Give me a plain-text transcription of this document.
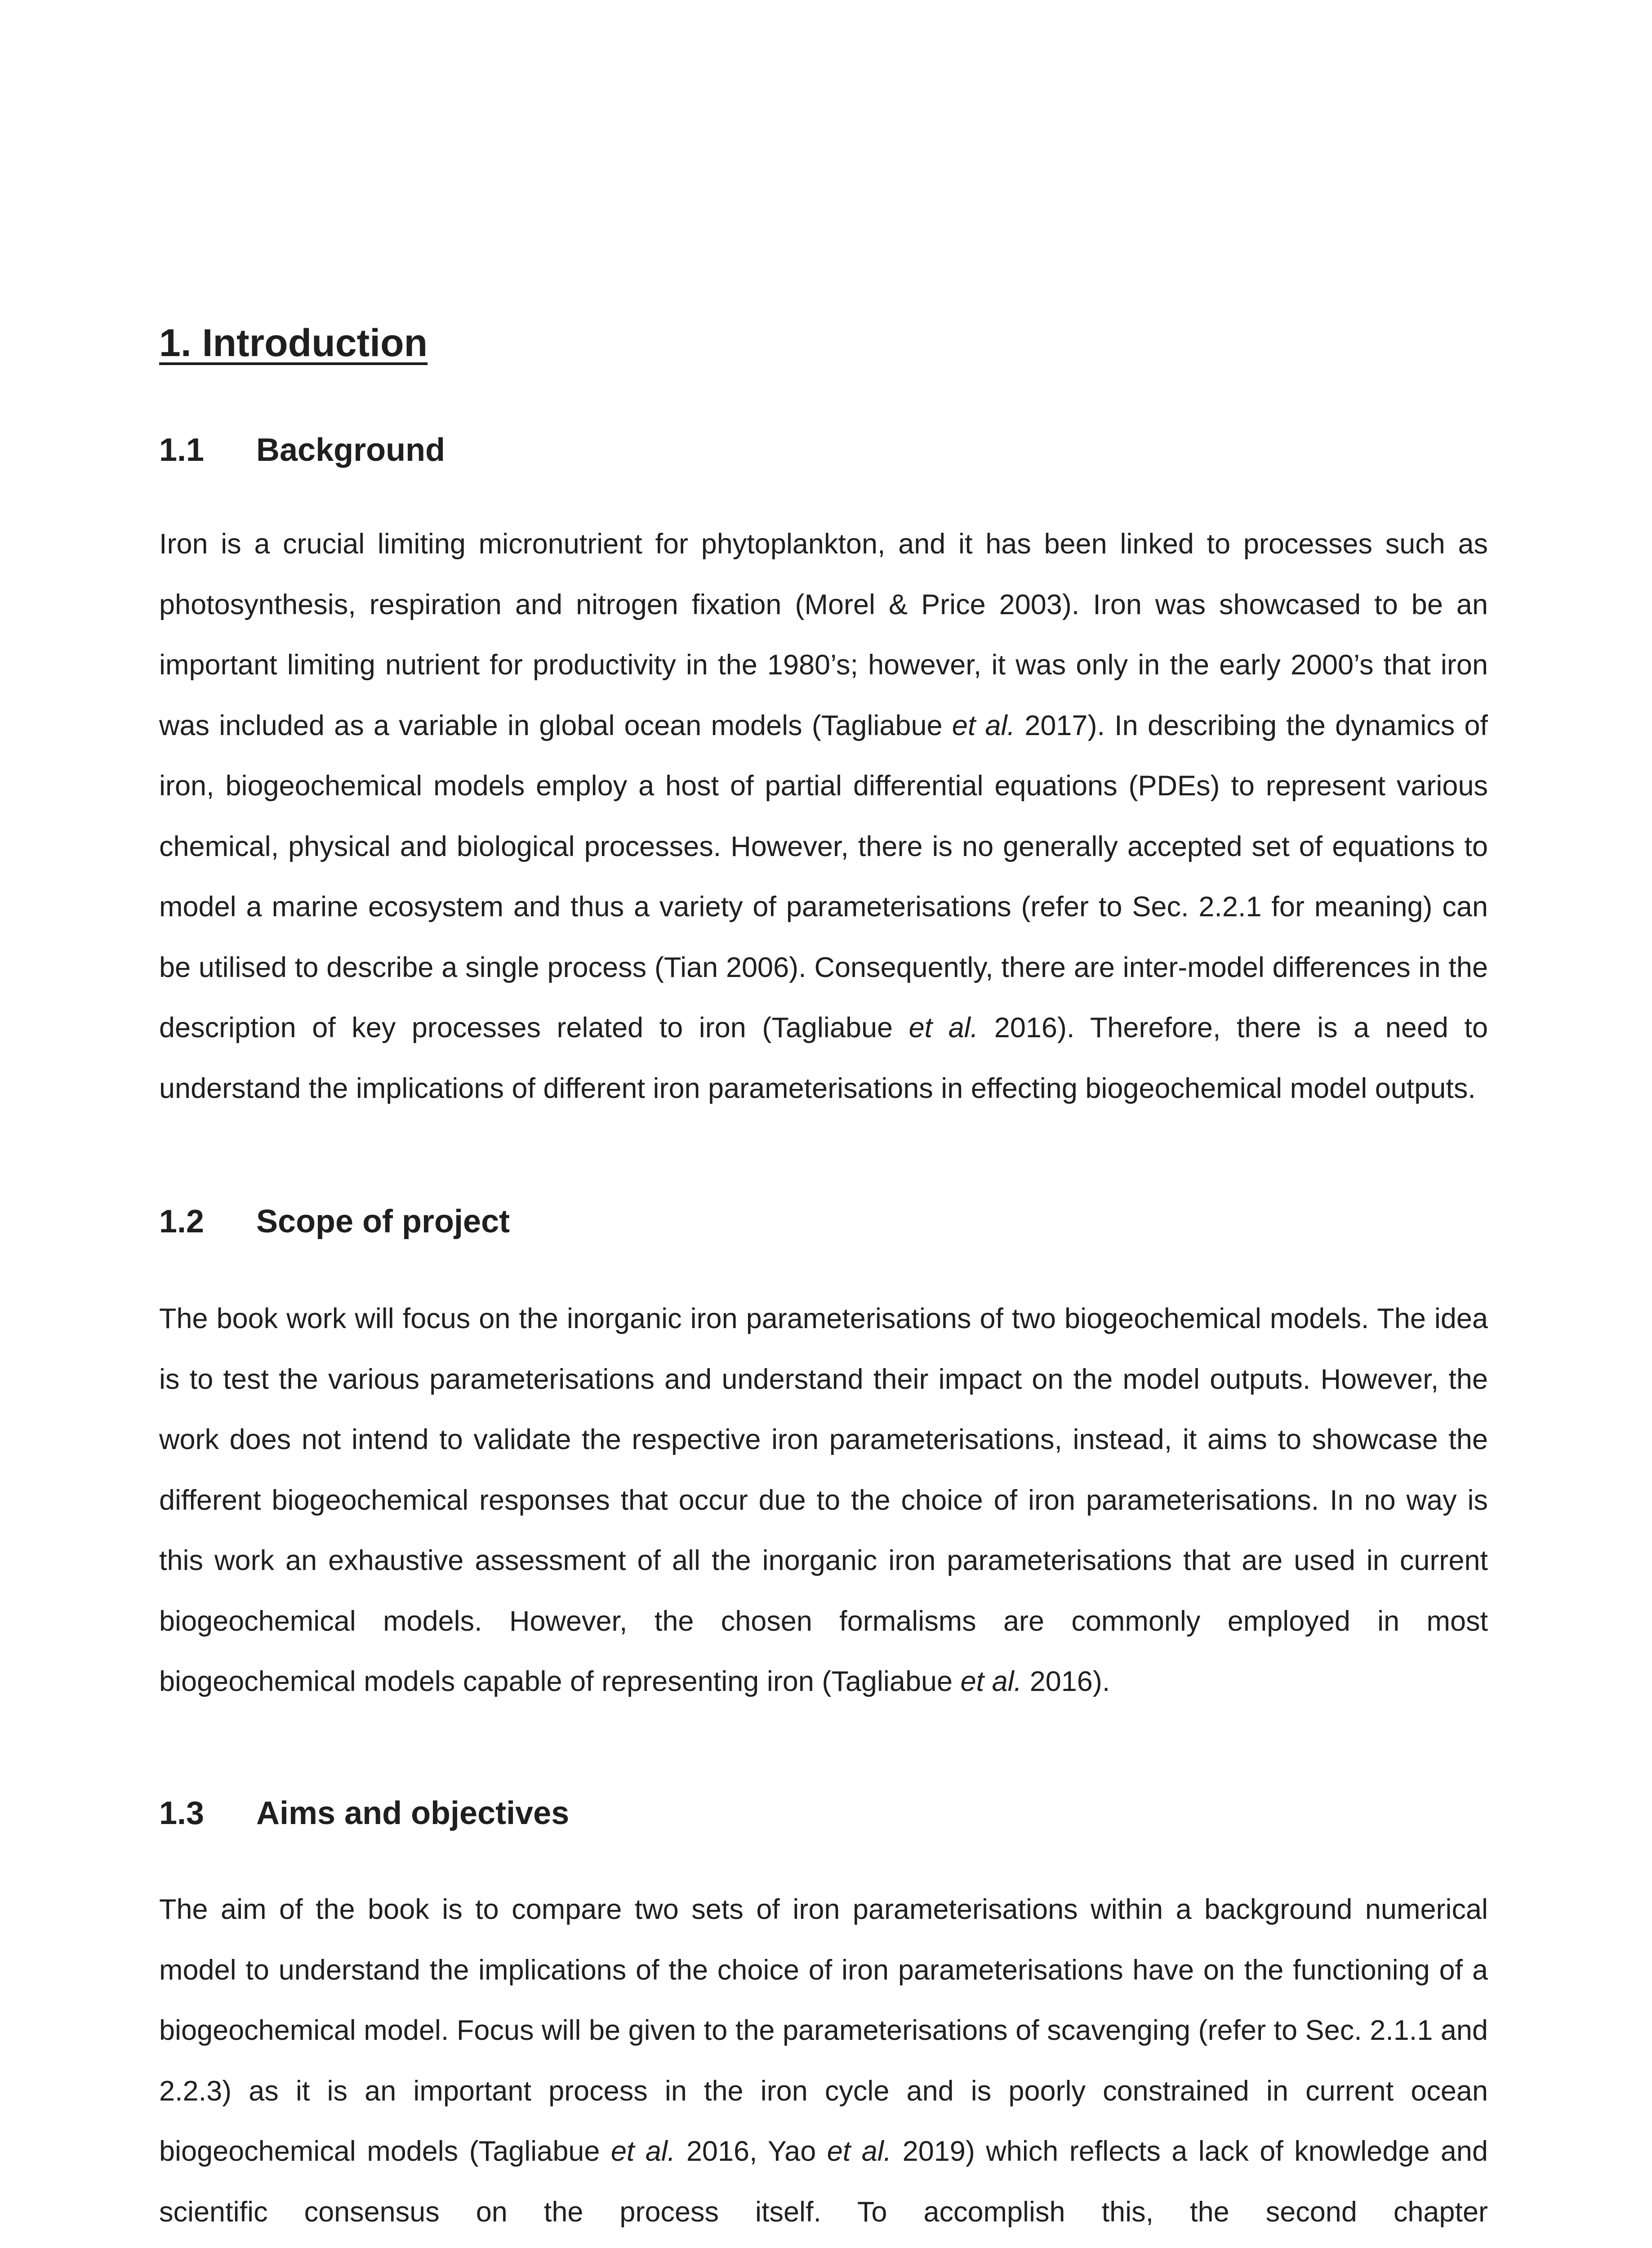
1. Introduction
1.1 Background

Iron is a crucial limiting micronutrient for phytoplankton, and it has been linked to processes such as photosynthesis, respiration and nitrogen fixation (Morel & Price 2003). Iron was showcased to be an important limiting nutrient for productivity in the 1980’s; however, it was only in the early 2000’s that iron was included as a variable in global ocean models (Tagliabue et al. 2017). In describing the dynamics of iron, biogeochemical models employ a host of partial differential equations (PDEs) to represent various chemical, physical and biological processes. However, there is no generally accepted set of equations to model a marine ecosystem and thus a variety of parameterisations (refer to Sec. 2.2.1 for meaning) can be utilised to describe a single process (Tian 2006). Consequently, there are inter-model differences in the description of key processes related to iron (Tagliabue et al. 2016). Therefore, there is a need to understand the implications of different iron parameterisations in effecting biogeochemical model outputs.

1.2 Scope of project

The book work will focus on the inorganic iron parameterisations of two biogeochemical models. The idea is to test the various parameterisations and understand their impact on the model outputs. However, the work does not intend to validate the respective iron parameterisations, instead, it aims to showcase the different biogeochemical responses that occur due to the choice of iron parameterisations. In no way is this work an exhaustive assessment of all the inorganic iron parameterisations that are used in current biogeochemical models. However, the chosen formalisms are commonly employed in most biogeochemical models capable of representing iron (Tagliabue et al. 2016).

1.3 Aims and objectives

The aim of the book is to compare two sets of iron parameterisations within a background numerical model to understand the implications of the choice of iron parameterisations have on the functioning of a biogeochemical model. Focus will be given to the parameterisations of scavenging (refer to Sec. 2.1.1 and 2.2.3) as it is an important process in the iron cycle and is poorly constrained in current ocean biogeochemical models (Tagliabue et al. 2016, Yao et al. 2019) which reflects a lack of knowledge and scientific consensus on the process itself. To accomplish this, the second chapter
